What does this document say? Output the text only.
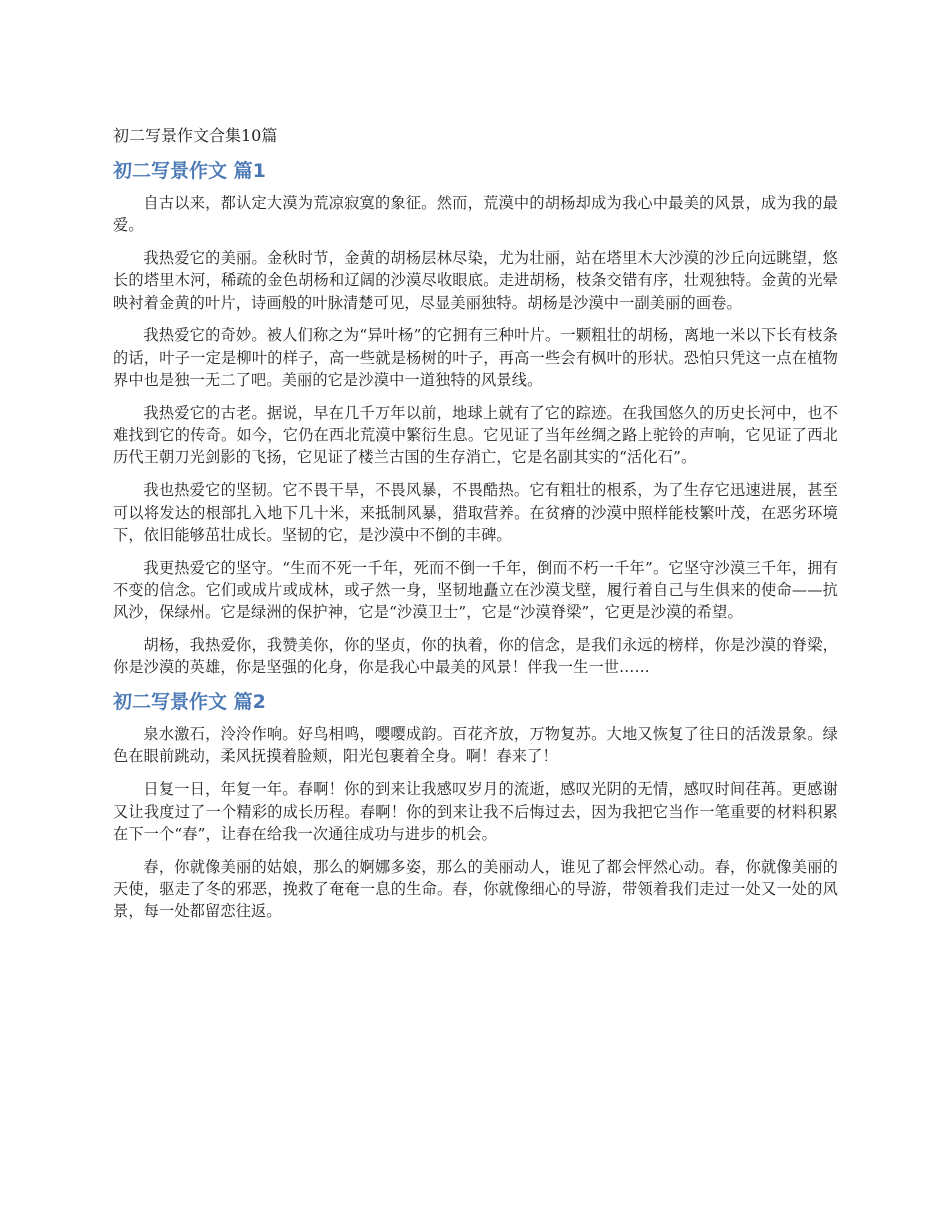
初二写景作文合集10篇
初二写景作文 篇1

自古以来，都认定大漠为荒凉寂寞的象征。然而，荒漠中的胡杨却成为我心中最美的风景，成为我的最爱。

我热爱它的美丽。金秋时节，金黄的胡杨层林尽染，尤为壮丽，站在塔里木大沙漠的沙丘向远眺望，悠长的塔里木河，稀疏的金色胡杨和辽阔的沙漠尽收眼底。走进胡杨，枝条交错有序，壮观独特。金黄的光晕映衬着金黄的叶片，诗画般的叶脉清楚可见，尽显美丽独特。胡杨是沙漠中一副美丽的画卷。

我热爱它的奇妙。被人们称之为“异叶杨”的它拥有三种叶片。一颗粗壮的胡杨，离地一米以下长有枝条的话，叶子一定是柳叶的样子，高一些就是杨树的叶子，再高一些会有枫叶的形状。恐怕只凭这一点在植物界中也是独一无二了吧。美丽的它是沙漠中一道独特的风景线。

我热爱它的古老。据说，早在几千万年以前，地球上就有了它的踪迹。在我国悠久的历史长河中，也不难找到它的传奇。如今，它仍在西北荒漠中繁衍生息。它见证了当年丝绸之路上驼铃的声响，它见证了西北历代王朝刀光剑影的飞扬，它见证了楼兰古国的生存消亡，它是名副其实的“活化石”。

我也热爱它的坚韧。它不畏干旱，不畏风暴，不畏酷热。它有粗壮的根系，为了生存它迅速进展，甚至可以将发达的根部扎入地下几十米，来抵制风暴，猎取营养。在贫瘠的沙漠中照样能枝繁叶茂，在恶劣环境下，依旧能够茁壮成长。坚韧的它，是沙漠中不倒的丰碑。

我更热爱它的坚守。“生而不死一千年，死而不倒一千年，倒而不朽一千年”。它坚守沙漠三千年，拥有不变的信念。它们或成片或成林，或孑然一身，坚韧地矗立在沙漠戈壁，履行着自己与生俱来的使命——抗风沙，保绿州。它是绿洲的保护神，它是“沙漠卫士”，它是“沙漠脊梁”，它更是沙漠的希望。

胡杨，我热爱你，我赞美你，你的坚贞，你的执着，你的信念，是我们永远的榜样，你是沙漠的脊梁，你是沙漠的英雄，你是坚强的化身，你是我心中最美的风景！伴我一生一世……

初二写景作文 篇2

泉水激石，泠泠作响。好鸟相鸣，嘤嘤成韵。百花齐放，万物复苏。大地又恢复了往日的活泼景象。绿色在眼前跳动，柔风抚摸着脸颊，阳光包裹着全身。啊！春来了！

日复一日，年复一年。春啊！你的到来让我感叹岁月的流逝，感叹光阴的无情，感叹时间荏苒。更感谢又让我度过了一个精彩的成长历程。春啊！你的到来让我不后悔过去，因为我把它当作一笔重要的材料积累在下一个“春”，让春在给我一次通往成功与进步的机会。

春，你就像美丽的姑娘，那么的婀娜多姿，那么的美丽动人，谁见了都会怦然心动。春，你就像美丽的天使，驱走了冬的邪恶，挽救了奄奄一息的生命。春，你就像细心的导游，带领着我们走过一处又一处的风景，每一处都留恋往返。
